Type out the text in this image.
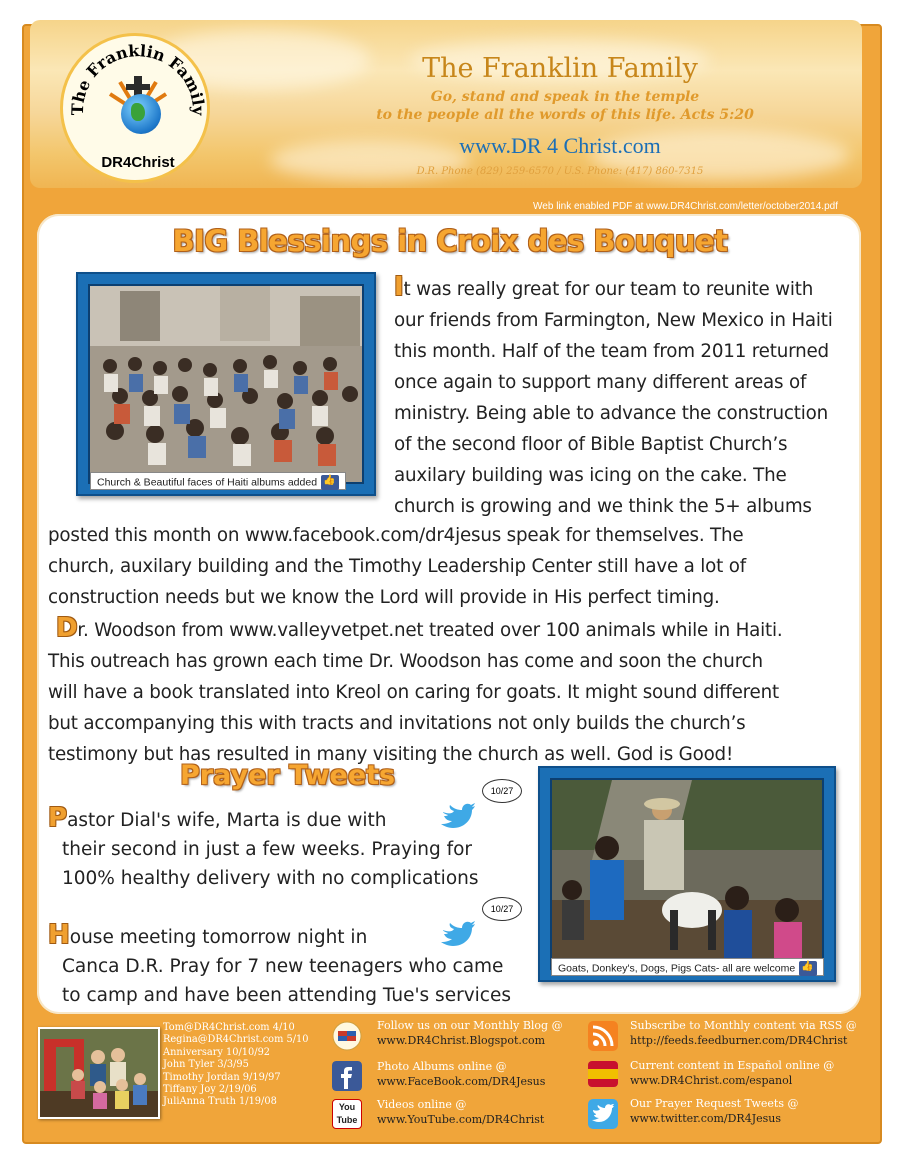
The Franklin Family
DR4Christ
The Franklin Family
Go, stand and speak in the temple
to the people all the words of this life. Acts 5:20
www.DR 4 Christ.com
D.R. Phone (829) 259-6570 / U.S. Phone: (417) 860-7315
Web link enabled PDF at www.DR4Christ.com/letter/october2014.pdf
BIG Blessings in Croix des Bouquet
Church & Beautiful faces of Haiti albums added👍
It was really great for our team to reunite with
our friends from Farmington, New Mexico in Haiti
this month. Half of the team from 2011 returned
once again to support many different areas of
ministry. Being able to advance the construction
of the second floor of Bible Baptist Church’s
auxilary building was icing on the cake. The
church is growing and we think the 5+ albums
posted this month on www.facebook.com/dr4jesus speak for themselves. The
church, auxilary building and the Timothy Leadership Center still have a lot of
construction needs but we know the Lord will provide in His perfect timing.
Dr. Woodson from www.valleyvetpet.net treated over 100 animals while in Haiti.
This outreach has grown each time Dr. Woodson has come and soon the church
will have a book translated into Kreol on caring for goats. It might sound different
but accompanying this with tracts and invitations not only builds the church’s
testimony but has resulted in many visiting the church as well. God is Good!
Prayer Tweets	10/27
Pastor Dial's wife, Marta is due with
their second in just a few weeks. Praying for
100% healthy delivery with no complications
10/27
House meeting tomorrow night in
Canca D.R. Pray for 7 new teenagers who came
to camp and have been attending Tue's services
Goats, Donkey's, Dogs, Pigs Cats- all are welcome👍
Tom@DR4Christ.com 4/10
Regina@DR4Christ.com 5/10
Anniversary 10/10/92
John Tyler 3/3/95
Timothy Jordan 9/19/97
Tiffany Joy 2/19/06
JuliAnna Truth 1/19/08
Follow us on our Monthly Blog @
www.DR4Christ.Blogspot.com
Photo Albums online @
www.FaceBook.com/DR4Jesus
You Tube
Videos online @
www.YouTube.com/DR4Christ
Subscribe to Monthly content via RSS @
http://feeds.feedburner.com/DR4Christ
Current content in Español online @
www.DR4Christ.com/espanol
Our Prayer Request Tweets @
www.twitter.com/DR4Jesus
